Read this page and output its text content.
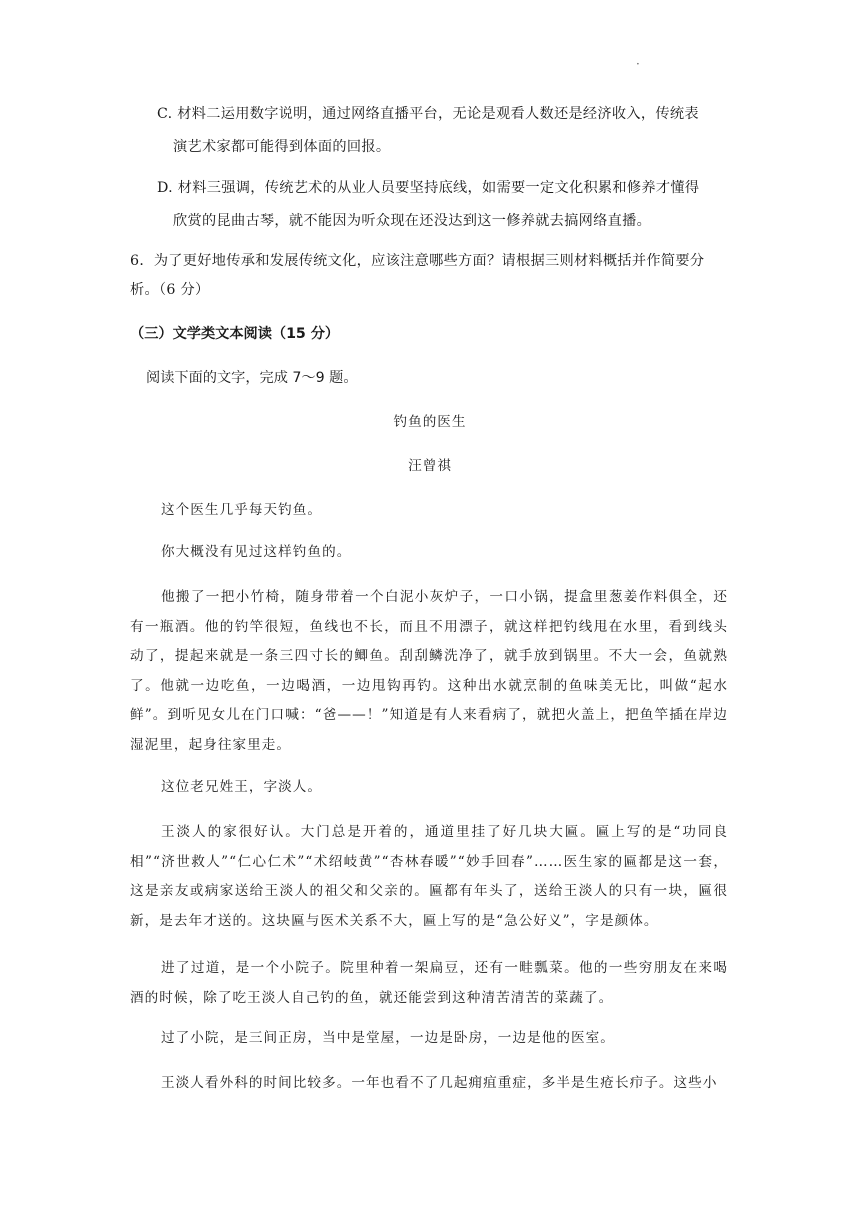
·
C. 材料二运用数字说明，通过网络直播平台，无论是观看人数还是经济收入，传统表
演艺术家都可能得到体面的回报。
D. 材料三强调，传统艺术的从业人员要坚持底线，如需要一定文化积累和修养才懂得
欣赏的昆曲古琴，就不能因为听众现在还没达到这一修养就去搞网络直播。
6．为了更好地传承和发展传统文化，应该注意哪些方面？请根据三则材料概括并作简要分
析。（6 分）
（三）文学类文本阅读（15 分）
阅读下面的文字，完成 7～9 题。
钓鱼的医生
汪曾祺

这个医生几乎每天钓鱼。

你大概没有见过这样钓鱼的。

他搬了一把小竹椅，随身带着一个白泥小灰炉子，一口小锅，提盒里葱姜作料俱全，还有一瓶酒。他的钓竿很短，鱼线也不长，而且不用漂子，就这样把钓线甩在水里，看到线头动了，提起来就是一条三四寸长的鲫鱼。刮刮鳞洗净了，就手放到锅里。不大一会，鱼就熟了。他就一边吃鱼，一边喝酒，一边甩钩再钓。这种出水就烹制的鱼味美无比，叫做“起水鲜”。到听见女儿在门口喊：“爸——！”知道是有人来看病了，就把火盖上，把鱼竿插在岸边湿泥里，起身往家里走。

这位老兄姓王，字淡人。

王淡人的家很好认。大门总是开着的，通道里挂了好几块大匾。匾上写的是“功同良相”“济世救人”“仁心仁术”“术绍岐黄”“杏林春暖”“妙手回春”……医生家的匾都是这一套，这是亲友或病家送给王淡人的祖父和父亲的。匾都有年头了，送给王淡人的只有一块，匾很新，是去年才送的。这块匾与医术关系不大，匾上写的是“急公好义”，字是颜体。

进了过道，是一个小院子。院里种着一架扁豆，还有一畦瓢菜。他的一些穷朋友在来喝酒的时候，除了吃王淡人自己钓的鱼，就还能尝到这种清苦清苦的菜蔬了。

过了小院，是三间正房，当中是堂屋，一边是卧房，一边是他的医室。

王淡人看外科的时间比较多。一年也看不了几起痈疽重症，多半是生疮长疖子。这些小
